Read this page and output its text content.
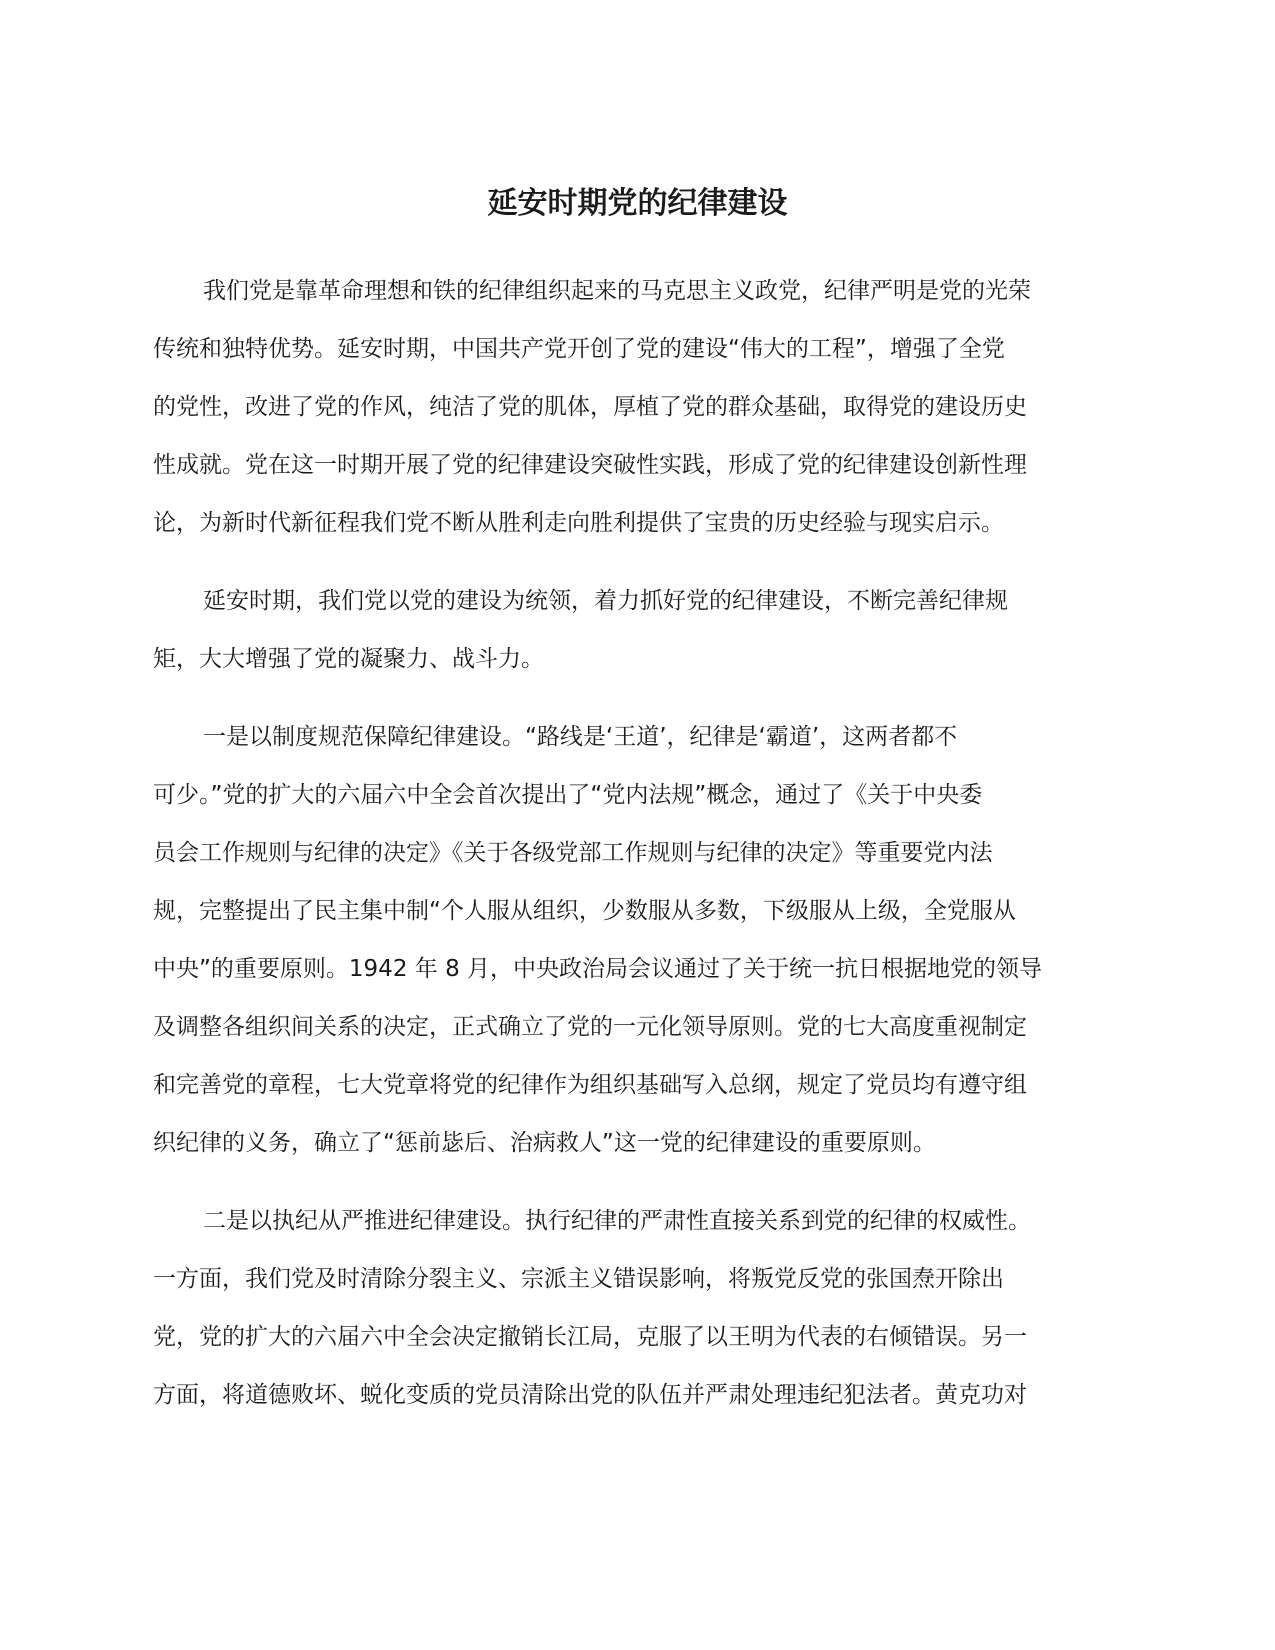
延安时期党的纪律建设

我们党是靠革命理想和铁的纪律组织起来的马克思主义政党，纪律严明是党的光荣
传统和独特优势。延安时期，中国共产党开创了党的建设“伟大的工程”，增强了全党
的党性，改进了党的作风，纯洁了党的肌体，厚植了党的群众基础，取得党的建设历史
性成就。党在这一时期开展了党的纪律建设突破性实践，形成了党的纪律建设创新性理
论，为新时代新征程我们党不断从胜利走向胜利提供了宝贵的历史经验与现实启示。

延安时期，我们党以党的建设为统领，着力抓好党的纪律建设，不断完善纪律规
矩，大大增强了党的凝聚力、战斗力。

一是以制度规范保障纪律建设。“路线是‘王道’，纪律是‘霸道’，这两者都不
可少。”党的扩大的六届六中全会首次提出了“党内法规”概念，通过了《关于中央委
员会工作规则与纪律的决定》《关于各级党部工作规则与纪律的决定》等重要党内法
规，完整提出了民主集中制“个人服从组织，少数服从多数，下级服从上级，全党服从
中央”的重要原则。1942 年 8 月，中央政治局会议通过了关于统一抗日根据地党的领导
及调整各组织间关系的决定，正式确立了党的一元化领导原则。党的七大高度重视制定
和完善党的章程，七大党章将党的纪律作为组织基础写入总纲，规定了党员均有遵守组
织纪律的义务，确立了“惩前毖后、治病救人”这一党的纪律建设的重要原则。

二是以执纪从严推进纪律建设。执行纪律的严肃性直接关系到党的纪律的权威性。
一方面，我们党及时清除分裂主义、宗派主义错误影响，将叛党反党的张国焘开除出
党，党的扩大的六届六中全会决定撤销长江局，克服了以王明为代表的右倾错误。另一
方面，将道德败坏、蜕化变质的党员清除出党的队伍并严肃处理违纪犯法者。黄克功对
